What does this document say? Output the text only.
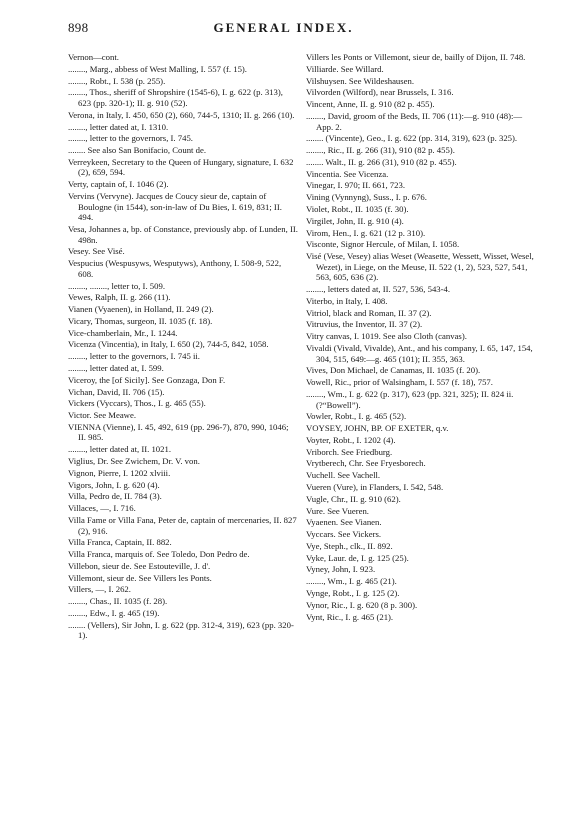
898	GENERAL INDEX.

Vernon—cont.

........, Marg., abbess of West Malling, I. 557 (f. 15).

........, Robt., I. 538 (p. 255).

........, Thos., sheriff of Shropshire (1545-6), I. g. 622 (p. 313), 623 (pp. 320-1); II. g. 910 (52).

Verona, in Italy, I. 450, 650 (2), 660, 744-5, 1310; II. g. 266 (10).

........, letter dated at, I. 1310.

........, letter to the governors, I. 745.

........ See also San Bonifacio, Count de.

Verreykeen, Secretary to the Queen of Hungary, signature, I. 632 (2), 659, 594.

Verty, captain of, I. 1046 (2).

Vervins (Vervyne). Jacques de Coucy sieur de, captain of Boulogne (in 1544), son-in-law of Du Bies, I. 619, 831; II. 494.

Vesa, Johannes a, bp. of Constance, previously abp. of Lunden, II. 498n.

Vesey. See Visé.

Vespucius (Wespusyws, Wesputyws), Anthony, I. 508-9, 522, 608.

........, ........, letter to, I. 509.

Vewes, Ralph, II. g. 266 (11).

Vianen (Vyaenen), in Holland, II. 249 (2).

Vicary, Thomas, surgeon, II. 1035 (f. 18).

Vice-chamberlain, Mr., I. 1244.

Vicenza (Vincentia), in Italy, I. 650 (2), 744-5, 842, 1058.

........, letter to the governors, I. 745 ii.

........, letter dated at, I. 599.

Viceroy, the [of Sicily]. See Gonzaga, Don F.

Vichan, David, II. 706 (15).

Vickers (Vyccars), Thos., I. g. 465 (55).

Victor. See Meawe.

VIENNA (Vienne), I. 45, 492, 619 (pp. 296-7), 870, 990, 1046; II. 985.

........, letter dated at, II. 1021.

Viglius, Dr. See Zwichem, Dr. V. von.

Vignon, Pierre, I. 1202 xlviii.

Vigors, John, I. g. 620 (4).

Villa, Pedro de, II. 784 (3).

Villaces, —, I. 716.

Villa Fame or Villa Fana, Peter de, captain of mercenaries, II. 827 (2), 916.

Villa Franca, Captain, II. 882.

Villa Franca, marquis of. See Toledo, Don Pedro de.

Villebon, sieur de. See Estouteville, J. d'.

Villemont, sieur de. See Villers les Ponts.

Villers, —, I. 262.

........, Chas., II. 1035 (f. 28).

........, Edw., I. g. 465 (19).

........ (Vellers), Sir John, I. g. 622 (pp. 312-4, 319), 623 (pp. 320-1).

Villers les Ponts or Villemont, sieur de, bailly of Dijon, II. 748.

Villiarde. See Willard.

Vilshuysen. See Wildeshausen.

Vilvorden (Wilford), near Brussels, I. 316.

Vincent, Anne, II. g. 910 (82 p. 455).

........, David, groom of the Beds, II. 706 (11):—g. 910 (48):—App. 2.

........ (Vincente), Geo., I. g. 622 (pp. 314, 319), 623 (p. 325).

........, Ric., II. g. 266 (31), 910 (82 p. 455).

........ Walt., II. g. 266 (31), 910 (82 p. 455).

Vincentia. See Vicenza.

Vinegar, I. 970; II. 661, 723.

Vining (Vynnyng), Suss., I. p. 676.

Violet, Robt., II. 1035 (f. 30).

Virgilet, John, II. g. 910 (4).

Virom, Hen., I. g. 621 (12 p. 310).

Visconte, Signor Hercule, of Milan, I. 1058.

Visé (Vese, Vesey) alias Weset (Weasette, Wessett, Wisset, Wesel, Wezet), in Liege, on the Meuse, II. 522 (1, 2), 523, 527, 541, 563, 605, 636 (2).

........, letters dated at, II. 527, 536, 543-4.

Viterbo, in Italy, I. 408.

Vitriol, black and Roman, II. 37 (2).

Vitruvius, the Inventor, II. 37 (2).

Vitry canvas, I. 1019. See also Cloth (canvas).

Vivaldi (Vivald, Vivalde), Ant., and his company, I. 65, 147, 154, 304, 515, 649:—g. 465 (101); II. 355, 363.

Vives, Don Michael, de Canamas, II. 1035 (f. 20).

Vowell, Ric., prior of Walsingham, I. 557 (f. 18), 757.

........, Wm., I. g. 622 (p. 317), 623 (pp. 321, 325); II. 824 ii. (?“Bowell”).

Vowler, Robt., I. g. 465 (52).

VOYSEY, JOHN, BP. OF EXETER, q.v.

Voyter, Robt., I. 1202 (4).

Vriborch. See Friedburg.

Vrytberech, Chr. See Fryesborech.

Vuchell. See Vachell.

Vueren (Vure), in Flanders, I. 542, 548.

Vugle, Chr., II. g. 910 (62).

Vure. See Vueren.

Vyaenen. See Vianen.

Vyccars. See Vickers.

Vye, Steph., clk., II. 892.

Vyke, Laur. de, I. g. 125 (25).

Vyney, John, I. 923.

........, Wm., I. g. 465 (21).

Vynge, Robt., I. g. 125 (2).

Vynor, Ric., I. g. 620 (8 p. 300).

Vynt, Ric., I. g. 465 (21).
